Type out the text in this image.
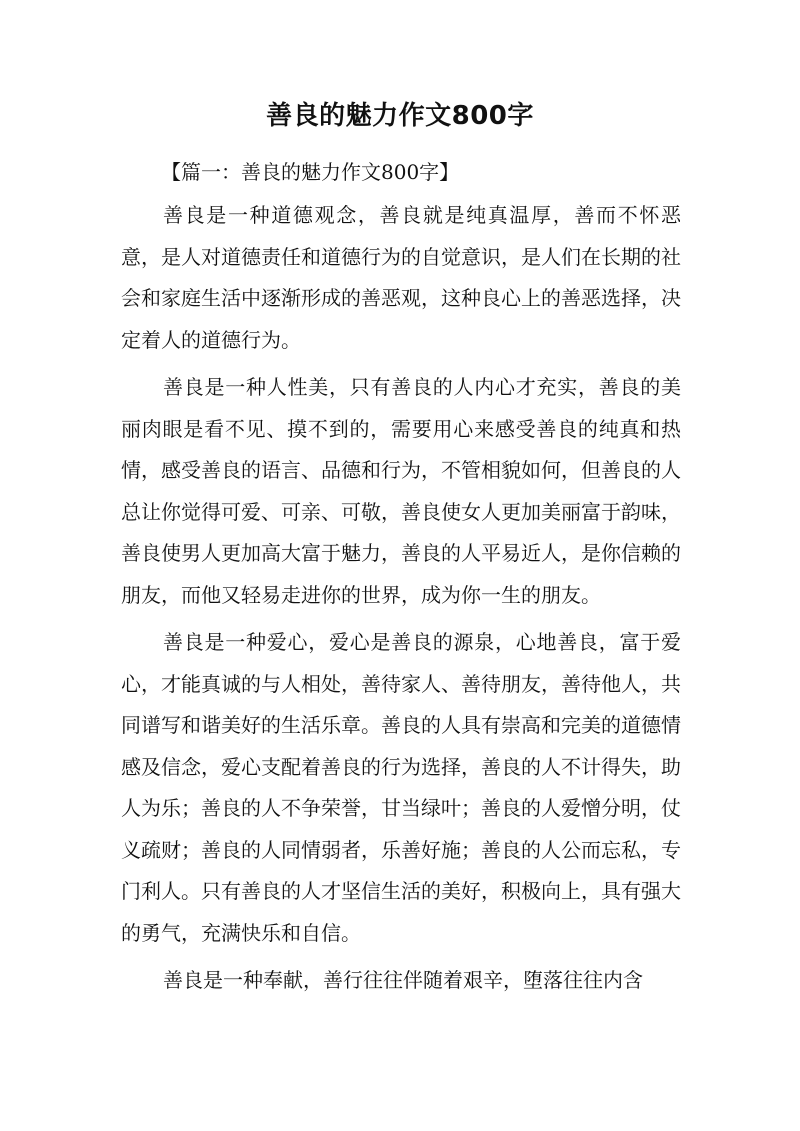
善良的魅力作文800字

【篇一：善良的魅力作文800字】

善良是一种道德观念，善良就是纯真温厚，善而不怀恶意，是人对道德责任和道德行为的自觉意识，是人们在长期的社会和家庭生活中逐渐形成的善恶观，这种良心上的善恶选择，决定着人的道德行为。

善良是一种人性美，只有善良的人内心才充实，善良的美丽肉眼是看不见、摸不到的，需要用心来感受善良的纯真和热情，感受善良的语言、品德和行为，不管相貌如何，但善良的人总让你觉得可爱、可亲、可敬，善良使女人更加美丽富于韵味，善良使男人更加高大富于魅力，善良的人平易近人，是你信赖的朋友，而他又轻易走进你的世界，成为你一生的朋友。

善良是一种爱心，爱心是善良的源泉，心地善良，富于爱心，才能真诚的与人相处，善待家人、善待朋友，善待他人，共同谱写和谐美好的生活乐章。善良的人具有崇高和完美的道德情感及信念，爱心支配着善良的行为选择，善良的人不计得失，助人为乐；善良的人不争荣誉，甘当绿叶；善良的人爱憎分明，仗义疏财；善良的人同情弱者，乐善好施；善良的人公而忘私，专门利人。只有善良的人才坚信生活的美好，积极向上，具有强大的勇气，充满快乐和自信。

善良是一种奉献，善行往往伴随着艰辛，堕落往往内含
